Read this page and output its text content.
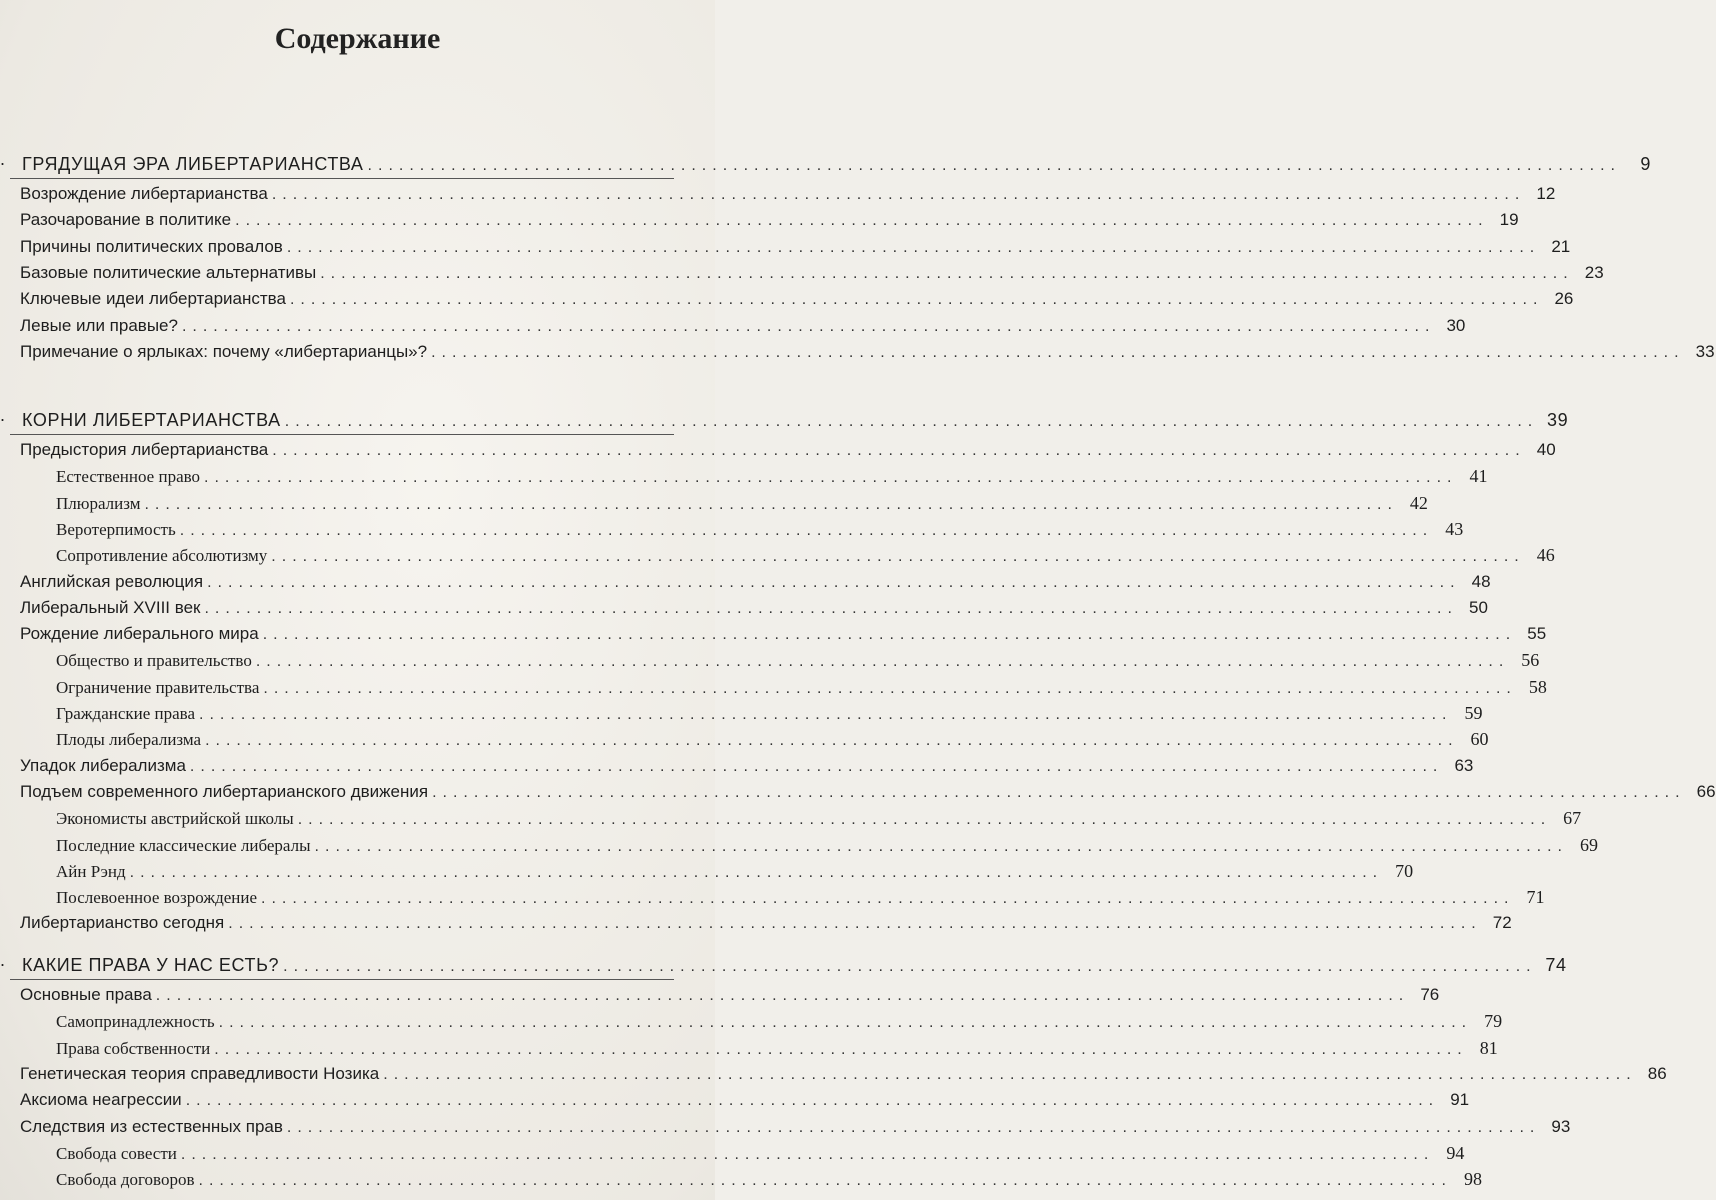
Содержание
. ГРЯДУЩАЯ ЭРА ЛИБЕРТАРИАНСТВА ........................................................................................................................	9
Возрождение либертарианства ........................................................................................................................ 12
Разочарование в политике ........................................................................................................................ 19
Причины политических провалов ........................................................................................................................ 21
Базовые политические альтернативы ........................................................................................................................ 23
Ключевые идеи либертарианства ........................................................................................................................ 26
Левые или правые? ........................................................................................................................ 30
Примечание о ярлыках: почему «либертарианцы»? ........................................................................................................................ 33
. КОРНИ ЛИБЕРТАРИАНСТВА ........................................................................................................................ 39
Предыстория либертарианства ........................................................................................................................ 40
Естественное право ........................................................................................................................ 41
Плюрализм ........................................................................................................................ 42
Веротерпимость ........................................................................................................................ 43
Сопротивление абсолютизму ........................................................................................................................ 46
Английская революция ........................................................................................................................ 48
Либеральный XVIII век ........................................................................................................................ 50
Рождение либерального мира ........................................................................................................................ 55
Общество и правительство ........................................................................................................................ 56
Ограничение правительства ........................................................................................................................ 58
Гражданские права ........................................................................................................................ 59
Плоды либерализма ........................................................................................................................ 60
Упадок либерализма ........................................................................................................................ 63
Подъем современного либертарианского движения ........................................................................................................................ 66
Экономисты австрийской школы ........................................................................................................................ 67
Последние классические либералы ........................................................................................................................ 69
Айн Рэнд ........................................................................................................................ 70
Послевоенное возрождение ........................................................................................................................ 71
Либертарианство сегодня ........................................................................................................................ 72
. КАКИЕ ПРАВА У НАС ЕСТЬ? ........................................................................................................................ 74
Основные права ........................................................................................................................ 76
Самопринадлежность ........................................................................................................................ 79
Права собственности ........................................................................................................................ 81
Генетическая теория справедливости Нозика ........................................................................................................................ 86
Аксиома неагрессии ........................................................................................................................ 91
Следствия из естественных прав ........................................................................................................................ 93
Свобода совести ........................................................................................................................ 94
Свобода договоров ........................................................................................................................ 98
